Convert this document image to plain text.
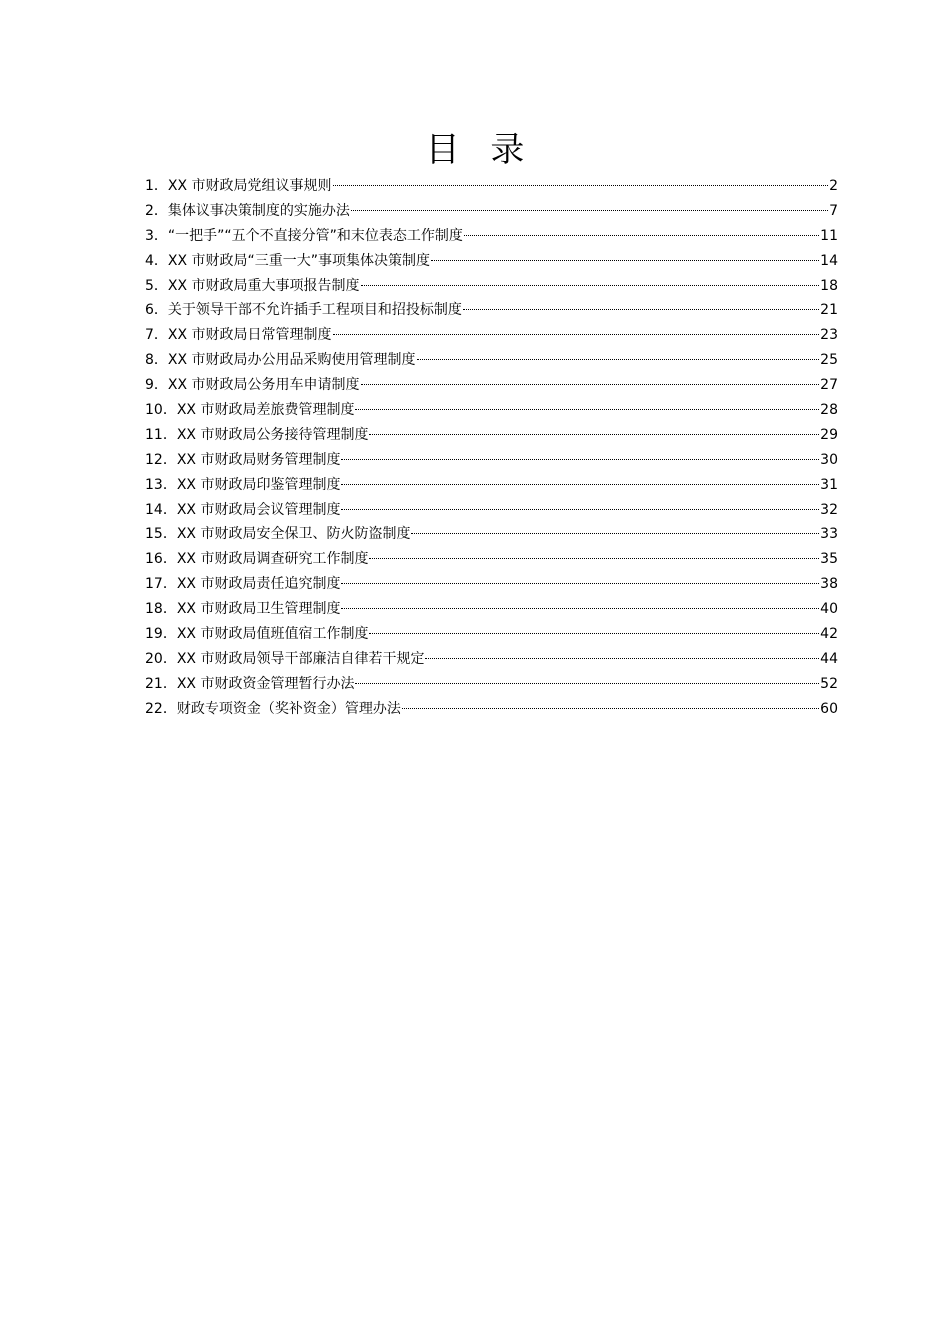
目 录
1． XX 市财政局党组议事规则	2
2． 集体议事决策制度的实施办法	7
3． “一把手”“五个不直接分管”和末位表态工作制度	11
4． XX 市财政局“三重一大”事项集体决策制度	14
5． XX 市财政局重大事项报告制度	18
6． 关于领导干部不允许插手工程项目和招投标制度	21
7． XX 市财政局日常管理制度	23
8． XX 市财政局办公用品采购使用管理制度	25
9． XX 市财政局公务用车申请制度	27
10． XX 市财政局差旅费管理制度	28
11． XX 市财政局公务接待管理制度	29
12． XX 市财政局财务管理制度	30
13． XX 市财政局印鉴管理制度	31
14． XX 市财政局会议管理制度	32
15． XX 市财政局安全保卫、防火防盗制度	33
16． XX 市财政局调查研究工作制度	35
17． XX 市财政局责任追究制度	38
18． XX 市财政局卫生管理制度	40
19． XX 市财政局值班值宿工作制度	42
20． XX 市财政局领导干部廉洁自律若干规定	44
21． XX 市财政资金管理暂行办法	52
22． 财政专项资金（奖补资金）管理办法	60
